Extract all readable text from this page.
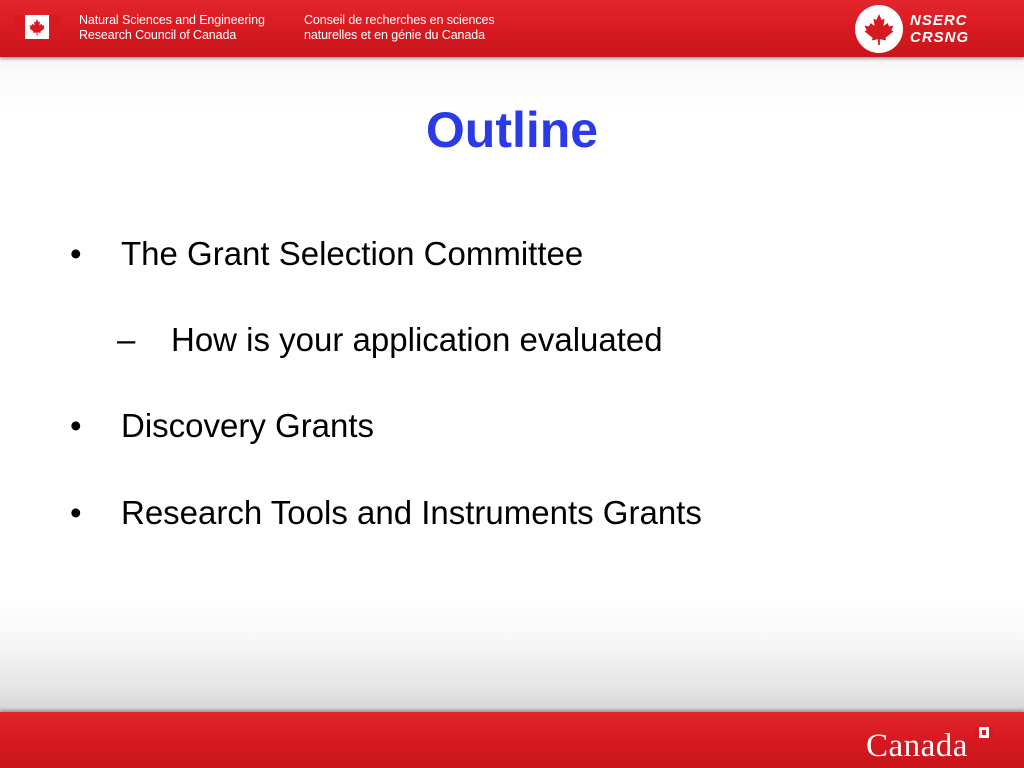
Natural Sciences and Engineering
Research Council of Canada
Conseil de recherches en sciences
naturelles et en génie du Canada
NSERC
CRSNG
Outline
• The Grant Selection Committee
– How is your application evaluated
• Discovery Grants
• Research Tools and Instruments Grants
Canada
